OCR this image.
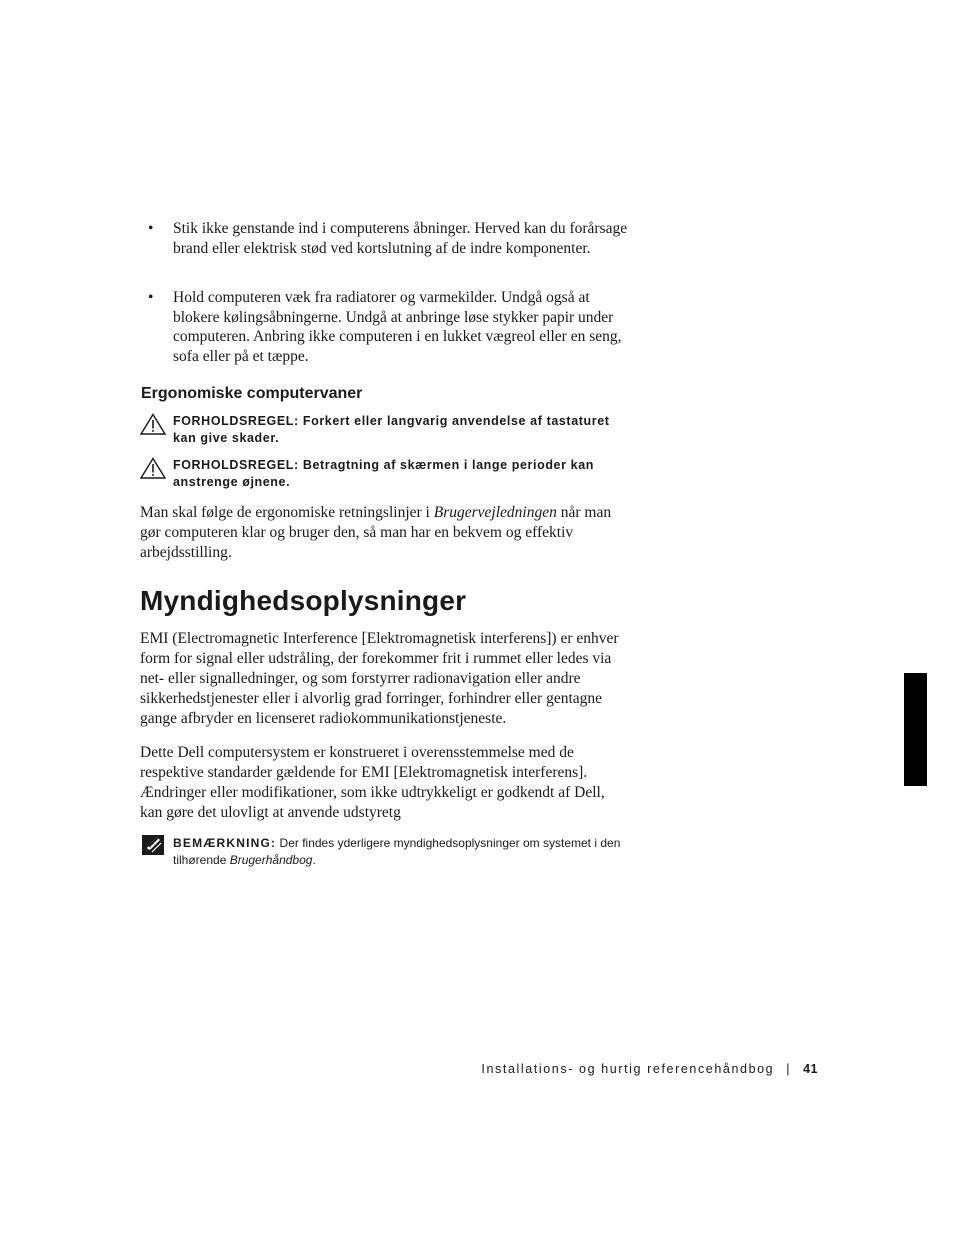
• Stik ikke genstande ind i computerens åbninger. Herved kan du forårsage brand eller elektrisk stød ved kortslutning af de indre komponenter.
• Hold computeren væk fra radiatorer og varmekilder. Undgå også at blokere kølingsåbningerne. Undgå at anbringe løse stykker papir under computeren. Anbring ikke computeren i en lukket vægreol eller en seng, sofa eller på et tæppe.
Ergonomiske computervaner
FORHOLDSREGEL: Forkert eller langvarig anvendelse af tastaturet kan give skader.
FORHOLDSREGEL: Betragtning af skærmen i lange perioder kan anstrenge øjnene.
Man skal følge de ergonomiske retningslinjer i Brugervejledningen når man gør computeren klar og bruger den, så man har en bekvem og effektiv arbejdsstilling.
Myndighedsoplysninger
EMI (Electromagnetic Interference [Elektromagnetisk interferens]) er enhver form for signal eller udstråling, der forekommer frit i rummet eller ledes via net- eller signalledninger, og som forstyrrer radionavigation eller andre sikkerhedstjenester eller i alvorlig grad forringer, forhindrer eller gentagne gange afbryder en licenseret radiokommunikationstjeneste.
Dette Dell computersystem er konstrueret i overensstemmelse med de respektive standarder gældende for EMI [Elektromagnetisk interferens]. Ændringer eller modifikationer, som ikke udtrykkeligt er godkendt af Dell, kan gøre det ulovligt at anvende udstyretg
BEMÆRKNING: Der findes yderligere myndighedsoplysninger om systemet i den tilhørende Brugerhåndbog.
Installations- og hurtig referencehåndbog | 41
